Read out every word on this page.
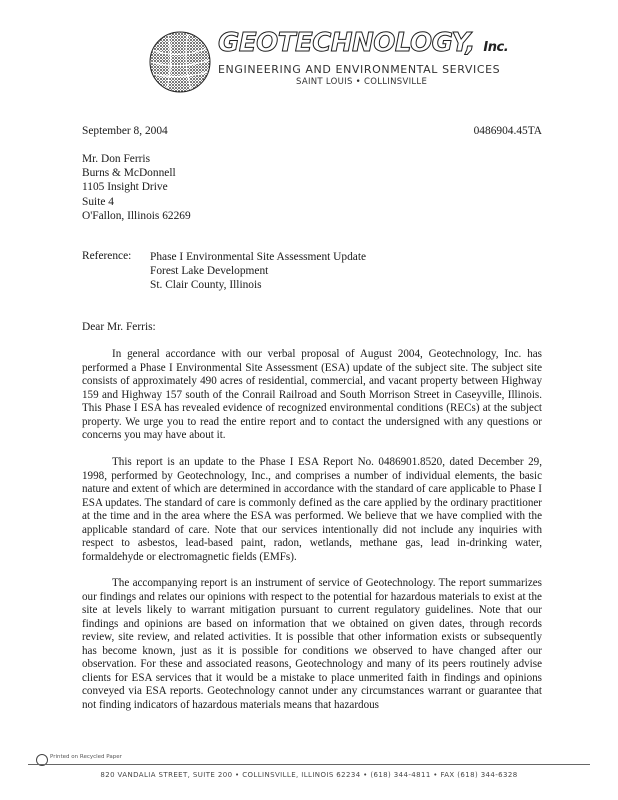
GEOTECHNOLOGY, Inc.
ENGINEERING AND ENVIRONMENTAL SERVICES
SAINT LOUIS • COLLINSVILLE
September 8, 2004	0486904.45TA
Mr. Don Ferris
Burns & McDonnell
1105 Insight Drive
Suite 4
O'Fallon, Illinois 62269
Reference: Phase I Environmental Site Assessment Update
Forest Lake Development
St. Clair County, Illinois
Dear Mr. Ferris:

In general accordance with our verbal proposal of August 2004, Geotechnology, Inc. has performed a Phase I Environmental Site Assessment (ESA) update of the subject site. The subject site consists of approximately 490 acres of residential, commercial, and vacant property between Highway 159 and Highway 157 south of the Conrail Railroad and South Morrison Street in Caseyville, Illinois. This Phase I ESA has revealed evidence of recognized environmental conditions (RECs) at the subject property. We urge you to read the entire report and to contact the undersigned with any questions or concerns you may have about it.

This report is an update to the Phase I ESA Report No. 0486901.8520, dated December 29, 1998, performed by Geotechnology, Inc., and comprises a number of individual elements, the basic nature and extent of which are determined in accordance with the standard of care applicable to Phase I ESA updates. The standard of care is commonly defined as the care applied by the ordinary practitioner at the time and in the area where the ESA was performed. We believe that we have complied with the applicable standard of care. Note that our services intentionally did not include any inquiries with respect to asbestos, lead-based paint, radon, wetlands, methane gas, lead in-drinking water, formaldehyde or electromagnetic fields (EMFs).

The accompanying report is an instrument of service of Geotechnology. The report summarizes our findings and relates our opinions with respect to the potential for hazardous materials to exist at the site at levels likely to warrant mitigation pursuant to current regulatory guidelines. Note that our findings and opinions are based on information that we obtained on given dates, through records review, site review, and related activities. It is possible that other information exists or subsequently has become known, just as it is possible for conditions we observed to have changed after our observation. For these and associated reasons, Geotechnology and many of its peers routinely advise clients for ESA services that it would be a mistake to place unmerited faith in findings and opinions conveyed via ESA reports. Geotechnology cannot under any circumstances warrant or guarantee that not finding indicators of hazardous materials means that hazardous

Printed on Recycled Paper
820 VANDALIA STREET, SUITE 200 • COLLINSVILLE, ILLINOIS 62234 • (618) 344-4811 • FAX (618) 344-6328
